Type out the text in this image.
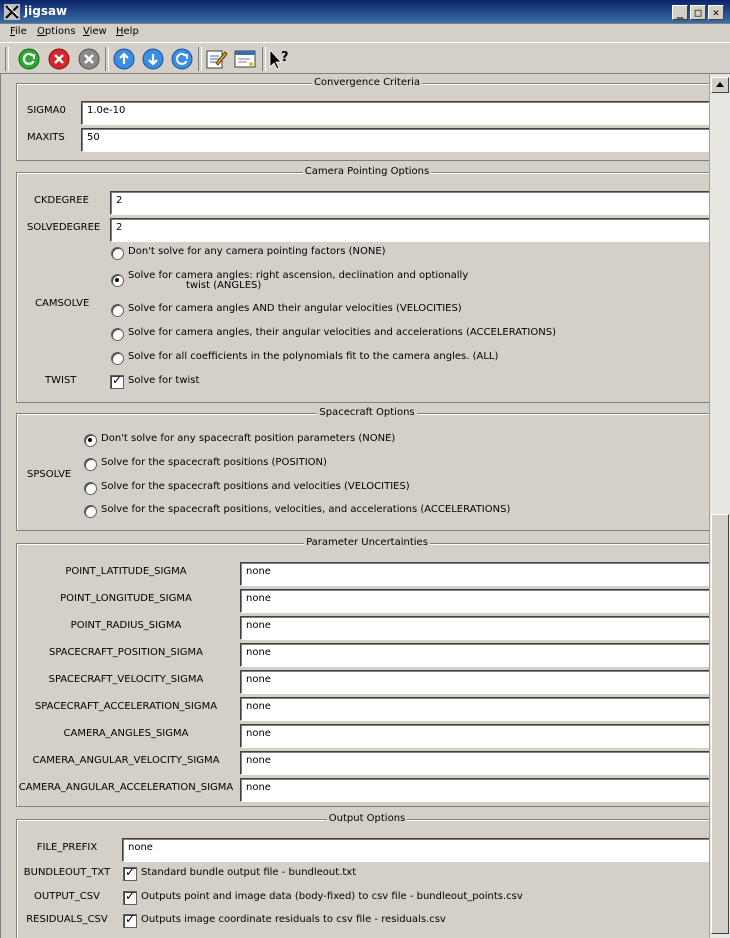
jigsaw	_	□	✕
File Options View Help
?
Convergence Criteria
SIGMA0	1.0e-10
MAXITS	50
Camera Pointing Options
CKDEGREE	2
SOLVEDEGREE	2
CAMSOLVE
Don't solve for any camera pointing factors (NONE)
Solve for camera angles: right ascension, declination and optionally
twist (ANGLES)
Solve for camera angles AND their angular velocities (VELOCITIES)
Solve for camera angles, their angular velocities and accelerations (ACCELERATIONS)
Solve for all coefficients in the polynomials fit to the camera angles. (ALL)
TWIST ✓	Solve for twist
Spacecraft Options
SPSOLVE
Don't solve for any spacecraft position parameters (NONE)
Solve for the spacecraft positions (POSITION)
Solve for the spacecraft positions and velocities (VELOCITIES)
Solve for the spacecraft positions, velocities, and accelerations (ACCELERATIONS)
Parameter Uncertainties
POINT_LATITUDE_SIGMA	none
POINT_LONGITUDE_SIGMA	none
POINT_RADIUS_SIGMA	none
SPACECRAFT_POSITION_SIGMA	none
SPACECRAFT_VELOCITY_SIGMA	none
SPACECRAFT_ACCELERATION_SIGMA	none
CAMERA_ANGLES_SIGMA	none
CAMERA_ANGULAR_VELOCITY_SIGMA	none
CAMERA_ANGULAR_ACCELERATION_SIGMA	none
Output Options
FILE_PREFIX	none
BUNDLEOUT_TXT ✓	Standard bundle output file - bundleout.txt
OUTPUT_CSV ✓	Outputs point and image data (body-fixed) to csv file - bundleout_points.csv
RESIDUALS_CSV ✓	Outputs image coordinate residuals to csv file - residuals.csv
